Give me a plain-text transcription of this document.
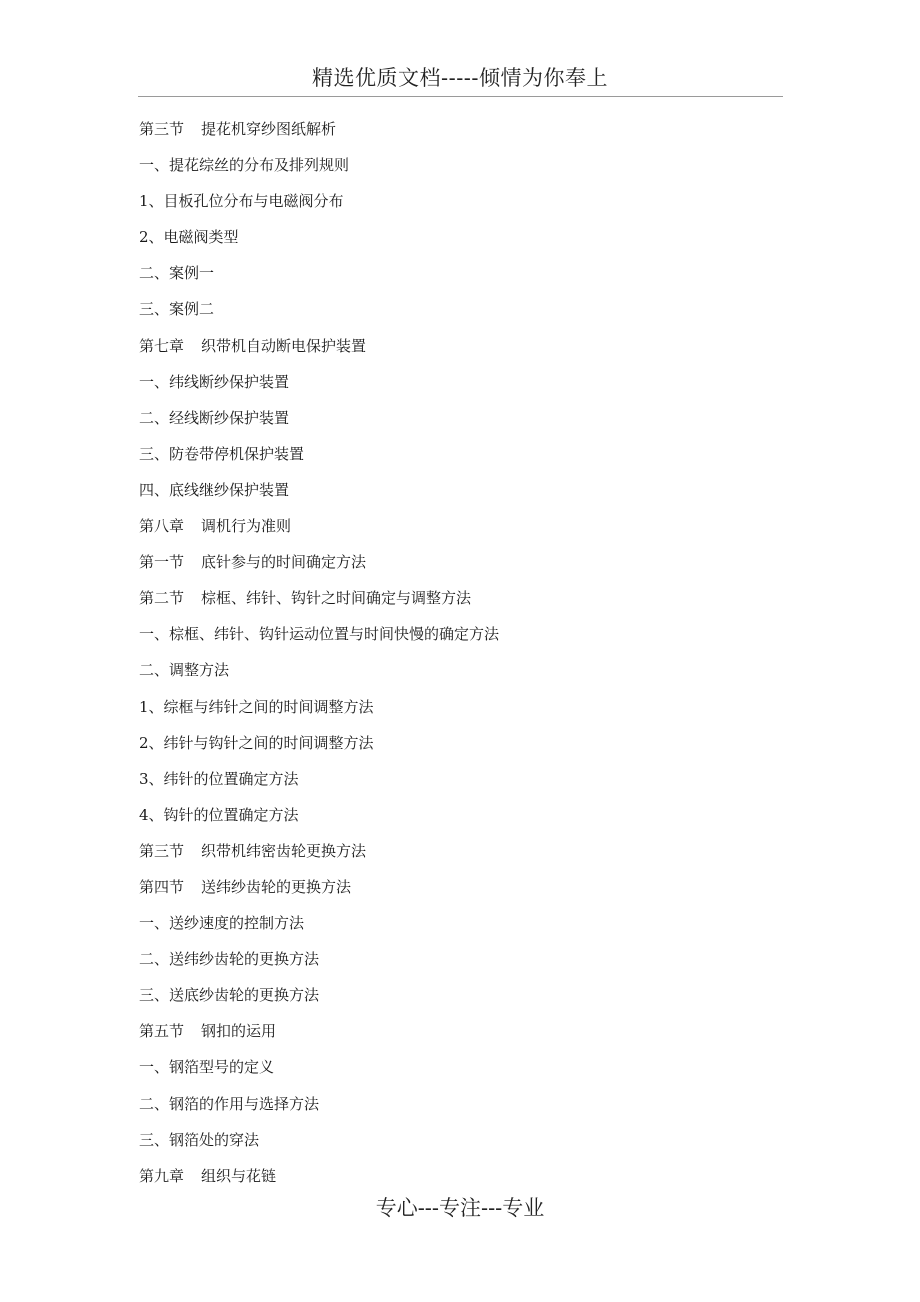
精选优质文档-----倾情为你奉上
第三节 提花机穿纱图纸解析
一、提花综丝的分布及排列规则
1、目板孔位分布与电磁阀分布
2、电磁阀类型
二、案例一
三、案例二
第七章 织带机自动断电保护装置
一、纬线断纱保护装置
二、经线断纱保护装置
三、防卷带停机保护装置
四、底线继纱保护装置
第八章 调机行为准则
第一节 底针参与的时间确定方法
第二节 棕框、纬针、钩针之时间确定与调整方法
一、棕框、纬针、钩针运动位置与时间快慢的确定方法
二、调整方法
1、综框与纬针之间的时间调整方法
2、纬针与钩针之间的时间调整方法
3、纬针的位置确定方法
4、钩针的位置确定方法
第三节 织带机纬密齿轮更换方法
第四节 送纬纱齿轮的更换方法
一、送纱速度的控制方法
二、送纬纱齿轮的更换方法
三、送底纱齿轮的更换方法
第五节 钢扣的运用
一、钢箔型号的定义
二、钢箔的作用与选择方法
三、钢箔处的穿法
第九章 组织与花链
专心---专注---专业
